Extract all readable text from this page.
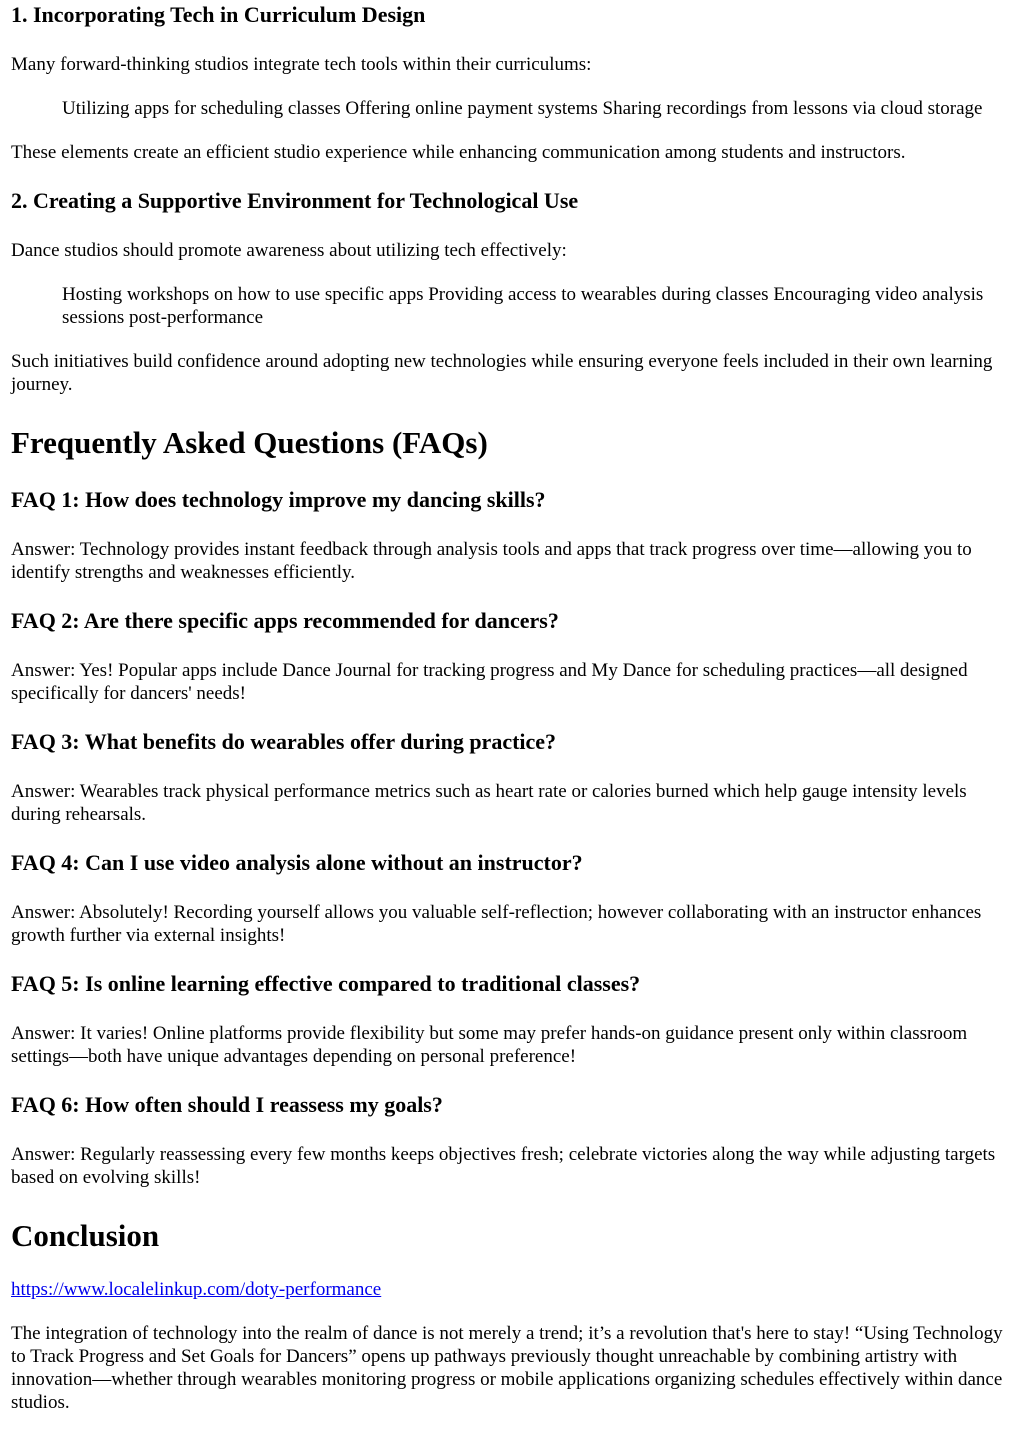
1. Incorporating Tech in Curriculum Design

Many forward-thinking studios integrate tech tools within their curriculums:

Utilizing apps for scheduling classes Offering online payment systems Sharing recordings from lessons via cloud storage

These elements create an efficient studio experience while enhancing communication among students and instructors.

2. Creating a Supportive Environment for Technological Use

Dance studios should promote awareness about utilizing tech effectively:

Hosting workshops on how to use specific apps Providing access to wearables during classes Encouraging video analysis sessions post-performance

Such initiatives build confidence around adopting new technologies while ensuring everyone feels included in their own learning journey.

Frequently Asked Questions (FAQs)
FAQ 1: How does technology improve my dancing skills?

Answer: Technology provides instant feedback through analysis tools and apps that track progress over time—allowing you to identify strengths and weaknesses efficiently.

FAQ 2: Are there specific apps recommended for dancers?

Answer: Yes! Popular apps include Dance Journal for tracking progress and My Dance for scheduling practices—all designed specifically for dancers' needs!

FAQ 3: What benefits do wearables offer during practice?

Answer: Wearables track physical performance metrics such as heart rate or calories burned which help gauge intensity levels during rehearsals.

FAQ 4: Can I use video analysis alone without an instructor?

Answer: Absolutely! Recording yourself allows you valuable self-reflection; however collaborating with an instructor enhances growth further via external insights!

FAQ 5: Is online learning effective compared to traditional classes?

Answer: It varies! Online platforms provide flexibility but some may prefer hands-on guidance present only within classroom settings—both have unique advantages depending on personal preference!

FAQ 6: How often should I reassess my goals?

Answer: Regularly reassessing every few months keeps objectives fresh; celebrate victories along the way while adjusting targets based on evolving skills!

Conclusion

https://www.localelinkup.com/doty-performance

The integration of technology into the realm of dance is not merely a trend; it’s a revolution that's here to stay! “Using Technology to Track Progress and Set Goals for Dancers” opens up pathways previously thought unreachable by combining artistry with innovation—whether through wearables monitoring progress or mobile applications organizing schedules effectively within dance studios.
